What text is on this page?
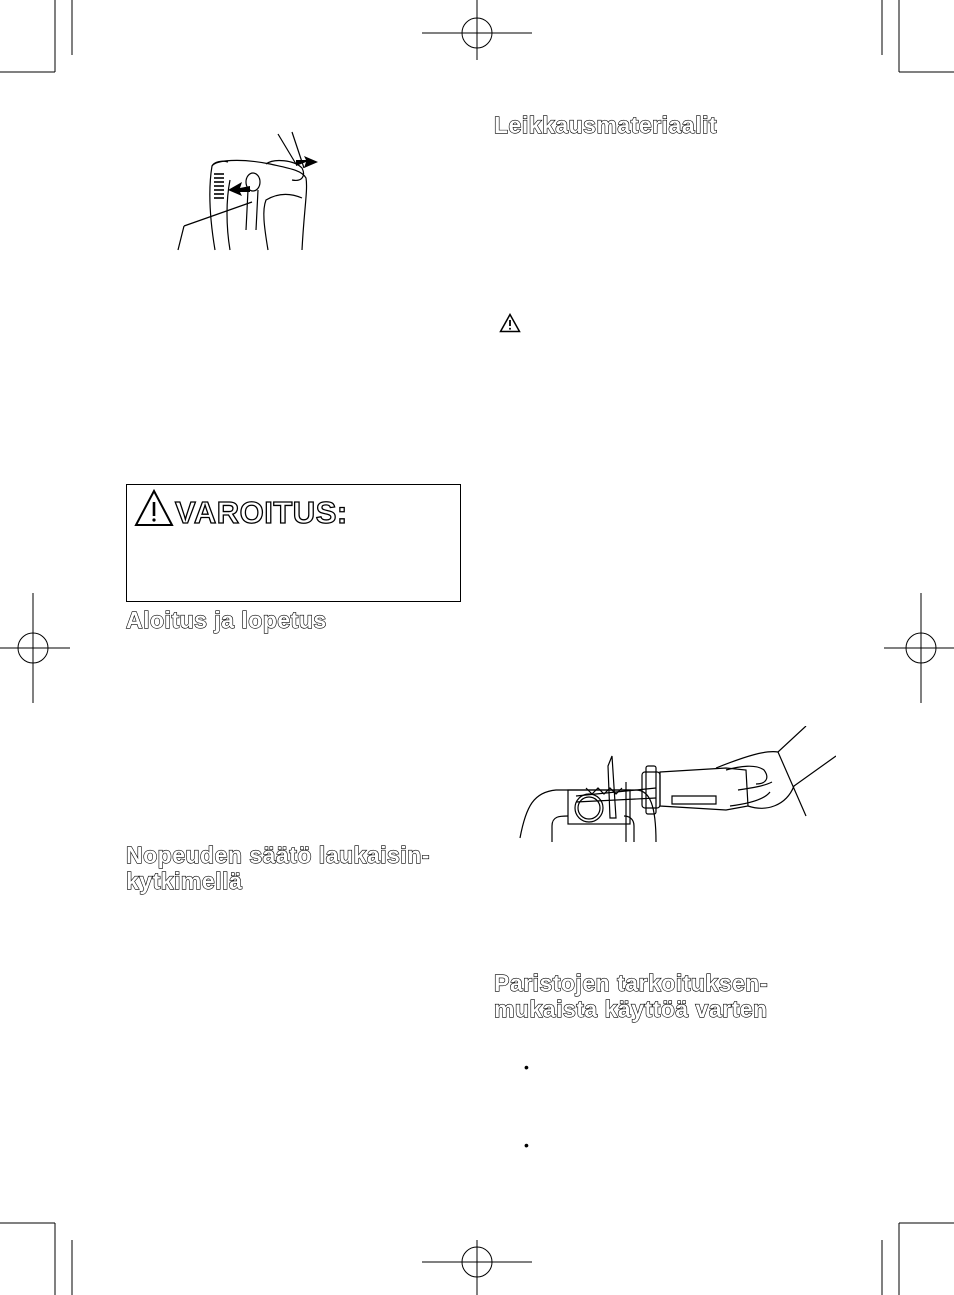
Leikkausmateriaalit
VAROITUS:
Aloitus ja lopetus
Nopeuden säätö laukaisin-
kytkimellä
Paristojen tarkoituksen-
mukaista käyttöä varten
•
•
